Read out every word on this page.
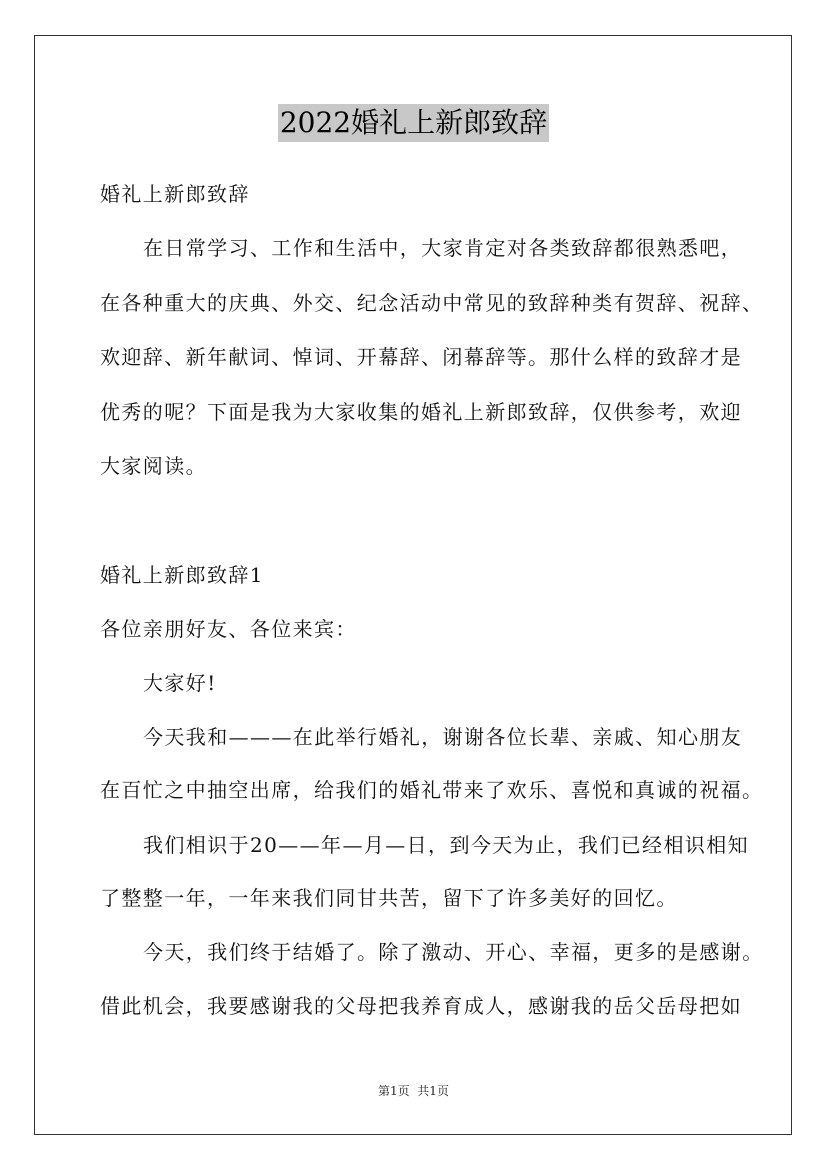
2022婚礼上新郎致辞
婚礼上新郎致辞
在日常学习、工作和生活中，大家肯定对各类致辞都很熟悉吧，
在各种重大的庆典、外交、纪念活动中常见的致辞种类有贺辞、祝辞、
欢迎辞、新年献词、悼词、开幕辞、闭幕辞等。那什么样的致辞才是
优秀的呢？下面是我为大家收集的婚礼上新郎致辞，仅供参考，欢迎
大家阅读。
婚礼上新郎致辞1
各位亲朋好友、各位来宾：
大家好!
今天我和———在此举行婚礼，谢谢各位长辈、亲戚、知心朋友
在百忙之中抽空出席，给我们的婚礼带来了欢乐、喜悦和真诚的祝福。
我们相识于20——年—月—日，到今天为止，我们已经相识相知
了整整一年，一年来我们同甘共苦，留下了许多美好的回忆。
今天，我们终于结婚了。除了激动、开心、幸福，更多的是感谢。
借此机会，我要感谢我的父母把我养育成人，感谢我的岳父岳母把如
第1页  共1页
